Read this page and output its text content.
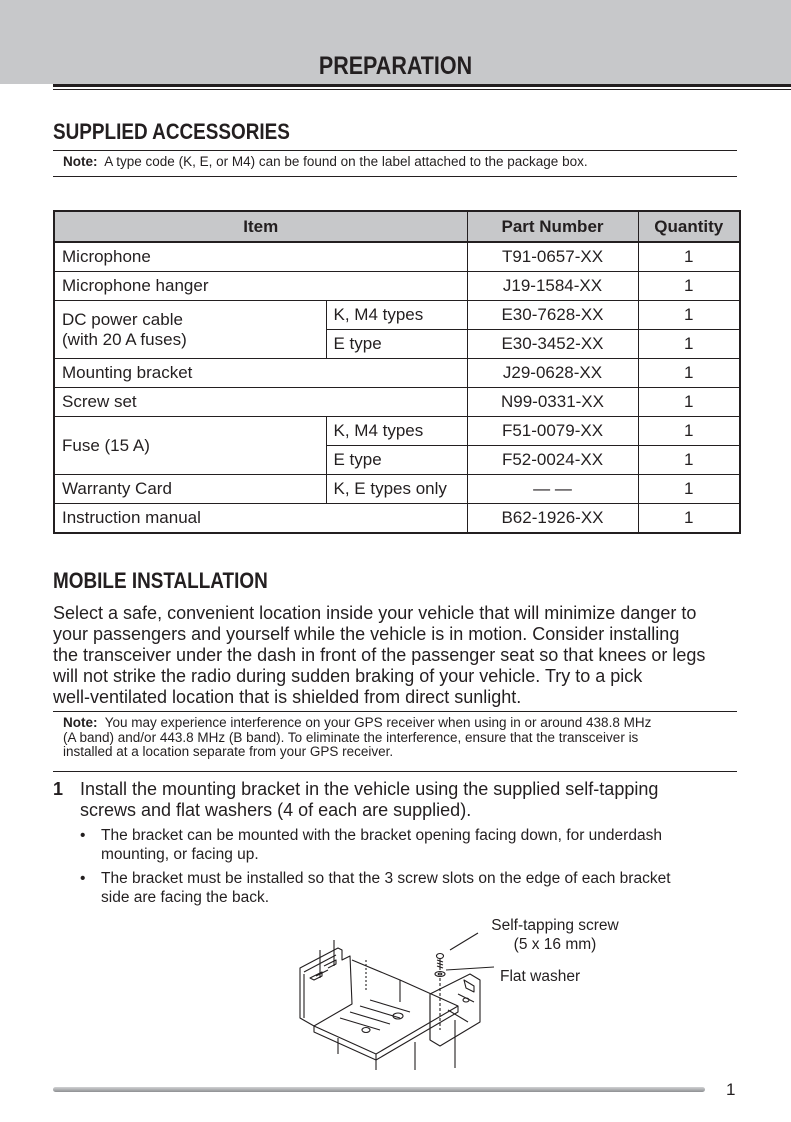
PREPARATION
SUPPLIED ACCESSORIES
Note: A type code (K, E, or M4) can be found on the label attached to the package box.
Item		Part Number	Quantity
Microphone		T91-0657-XX	1
Microphone hanger		J19-1584-XX	1

DC power cable
(with 20 A fuses)	K, M4 types	E30-7628-XX	1
	E type	E30-3452-XX	1
Mounting bracket		J29-0628-XX	1
Screw set		N99-0331-XX	1
Fuse (15 A)	K, M4 types	F51-0079-XX	1
	E type	F52-0024-XX	1
Warranty Card	K, E types only	— —	1
Instruction manual		B62-1926-XX	1
MOBILE INSTALLATION
Select a safe, convenient location inside your vehicle that will minimize danger to
your passengers and yourself while the vehicle is in motion. Consider installing
the transceiver under the dash in front of the passenger seat so that knees or legs
will not strike the radio during sudden braking of your vehicle. Try to a pick
well-ventilated location that is shielded from direct sunlight.
Note: You may experience interference on your GPS receiver when using in or around 438.8 MHz
(A band) and/or 443.8 MHz (B band). To eliminate the interference, ensure that the transceiver is
installed at a location separate from your GPS receiver.
1 Install the mounting bracket in the vehicle using the supplied self-tapping
screws and flat washers (4 of each are supplied).
• The bracket can be mounted with the bracket opening facing down, for underdash
mounting, or facing up.
• The bracket must be installed so that the 3 screw slots on the edge of each bracket
side are facing the back.
Self-tapping screw
(5 x 16 mm)
Flat washer
1
